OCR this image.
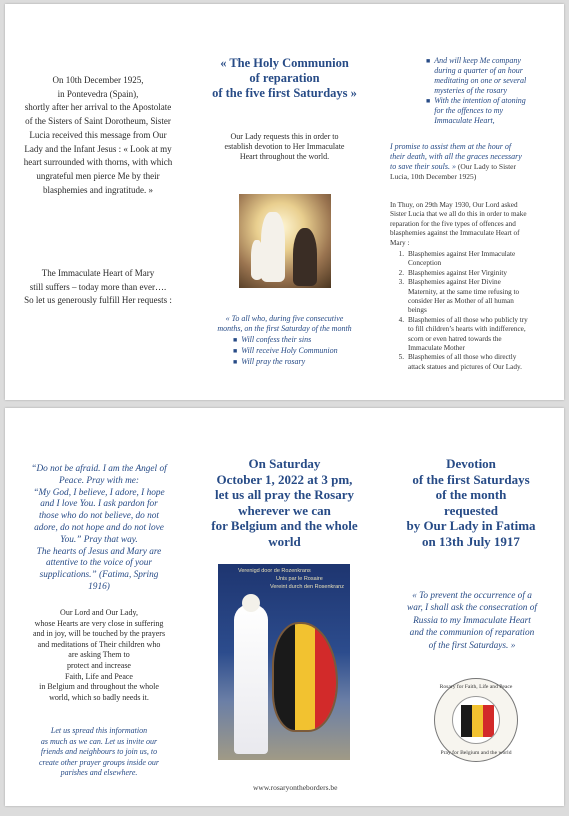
On 10th December 1925,
in Pontevedra (Spain),
shortly after her arrival to the Apostolate
of the Sisters of Saint Dorotheum, Sister
Lucia received this message from Our
Lady and the Infant Jesus : « Look at my
heart surrounded with thorns, with which
ungrateful men pierce Me by their
blasphemies and ingratitude. »
The Immaculate Heart of Mary
still suffers – today more than ever….
So let us generously fulfill Her requests :
« The Holy Communion
of reparation
of the five first Saturdays »
Our Lady requests this in order to
establish devotion to Her Immaculate
Heart throughout the world.
« To all who, during five consecutive
months, on the first Saturday of the month
■ Will confess their sins
■ Will receive Holy Communion
■ Will pray the rosary
■ And will keep Me company
during a quarter of an hour
meditating on one or several
mysteries of the rosary
■ With the intention of atoning
for the offences to my
Immaculate Heart,
I promise to assist them at the hour of
their death, with all the graces necessary
to save their souls. » (Our Lady to Sister
Lucia, 10th December 1925)
In Thuy, on 29th May 1930, Our Lord asked
Sister Lucia that we all do this in order to make
reparation for the five types of offences and
blasphemies against the Immaculate Heart of
Mary :
1. Blasphemies against Her Immaculate
Conception
2. Blasphemies against Her Virginity
3. Blasphemies against Her Divine
Maternity, at the same time refusing to
consider Her as Mother of all human
beings
4. Blasphemies of all those who publicly try
to fill children’s hearts with indifference,
scorn or even hatred towards the
Immaculate Mother
5. Blasphemies of all those who directly
attack statues and pictures of Our Lady.
“Do not be afraid. I am the Angel of
Peace. Pray with me:
“My God, I believe, I adore, I hope
and I love You. I ask pardon for
those who do not believe, do not
adore, do not hope and do not love
You.” Pray that way.
The hearts of Jesus and Mary are
attentive to the voice of your
supplications.” (Fatima, Spring
1916)
Our Lord and Our Lady,
whose Hearts are very close in suffering
and in joy, will be touched by the prayers
and meditations of Their children who
are asking Them to
protect and increase
Faith, Life and Peace
in Belgium and throughout the whole
world, which so badly needs it.
Let us spread this information
as much as we can. Let us invite our
friends and neighbours to join us, to
create other prayer groups inside our
parishes and elsewhere.
On Saturday
October 1, 2022 at 3 pm,
let us all pray the Rosary
wherever we can
for Belgium and the whole
world
Verenigd door de Rozenkrans
Unis par le Rosaire
Vereint durch den Rosenkranz
www.rosaryontheborders.be
Devotion
of the first Saturdays
of the month
requested
by Our Lady in Fatima
on 13th July 1917
« To prevent the occurrence of a
war, I shall ask the consecration of
Russia to my Immaculate Heart
and the communion of reparation
of the first Saturdays. »
Rosary for Faith, Life and Peace
Pray for Belgium and the world
